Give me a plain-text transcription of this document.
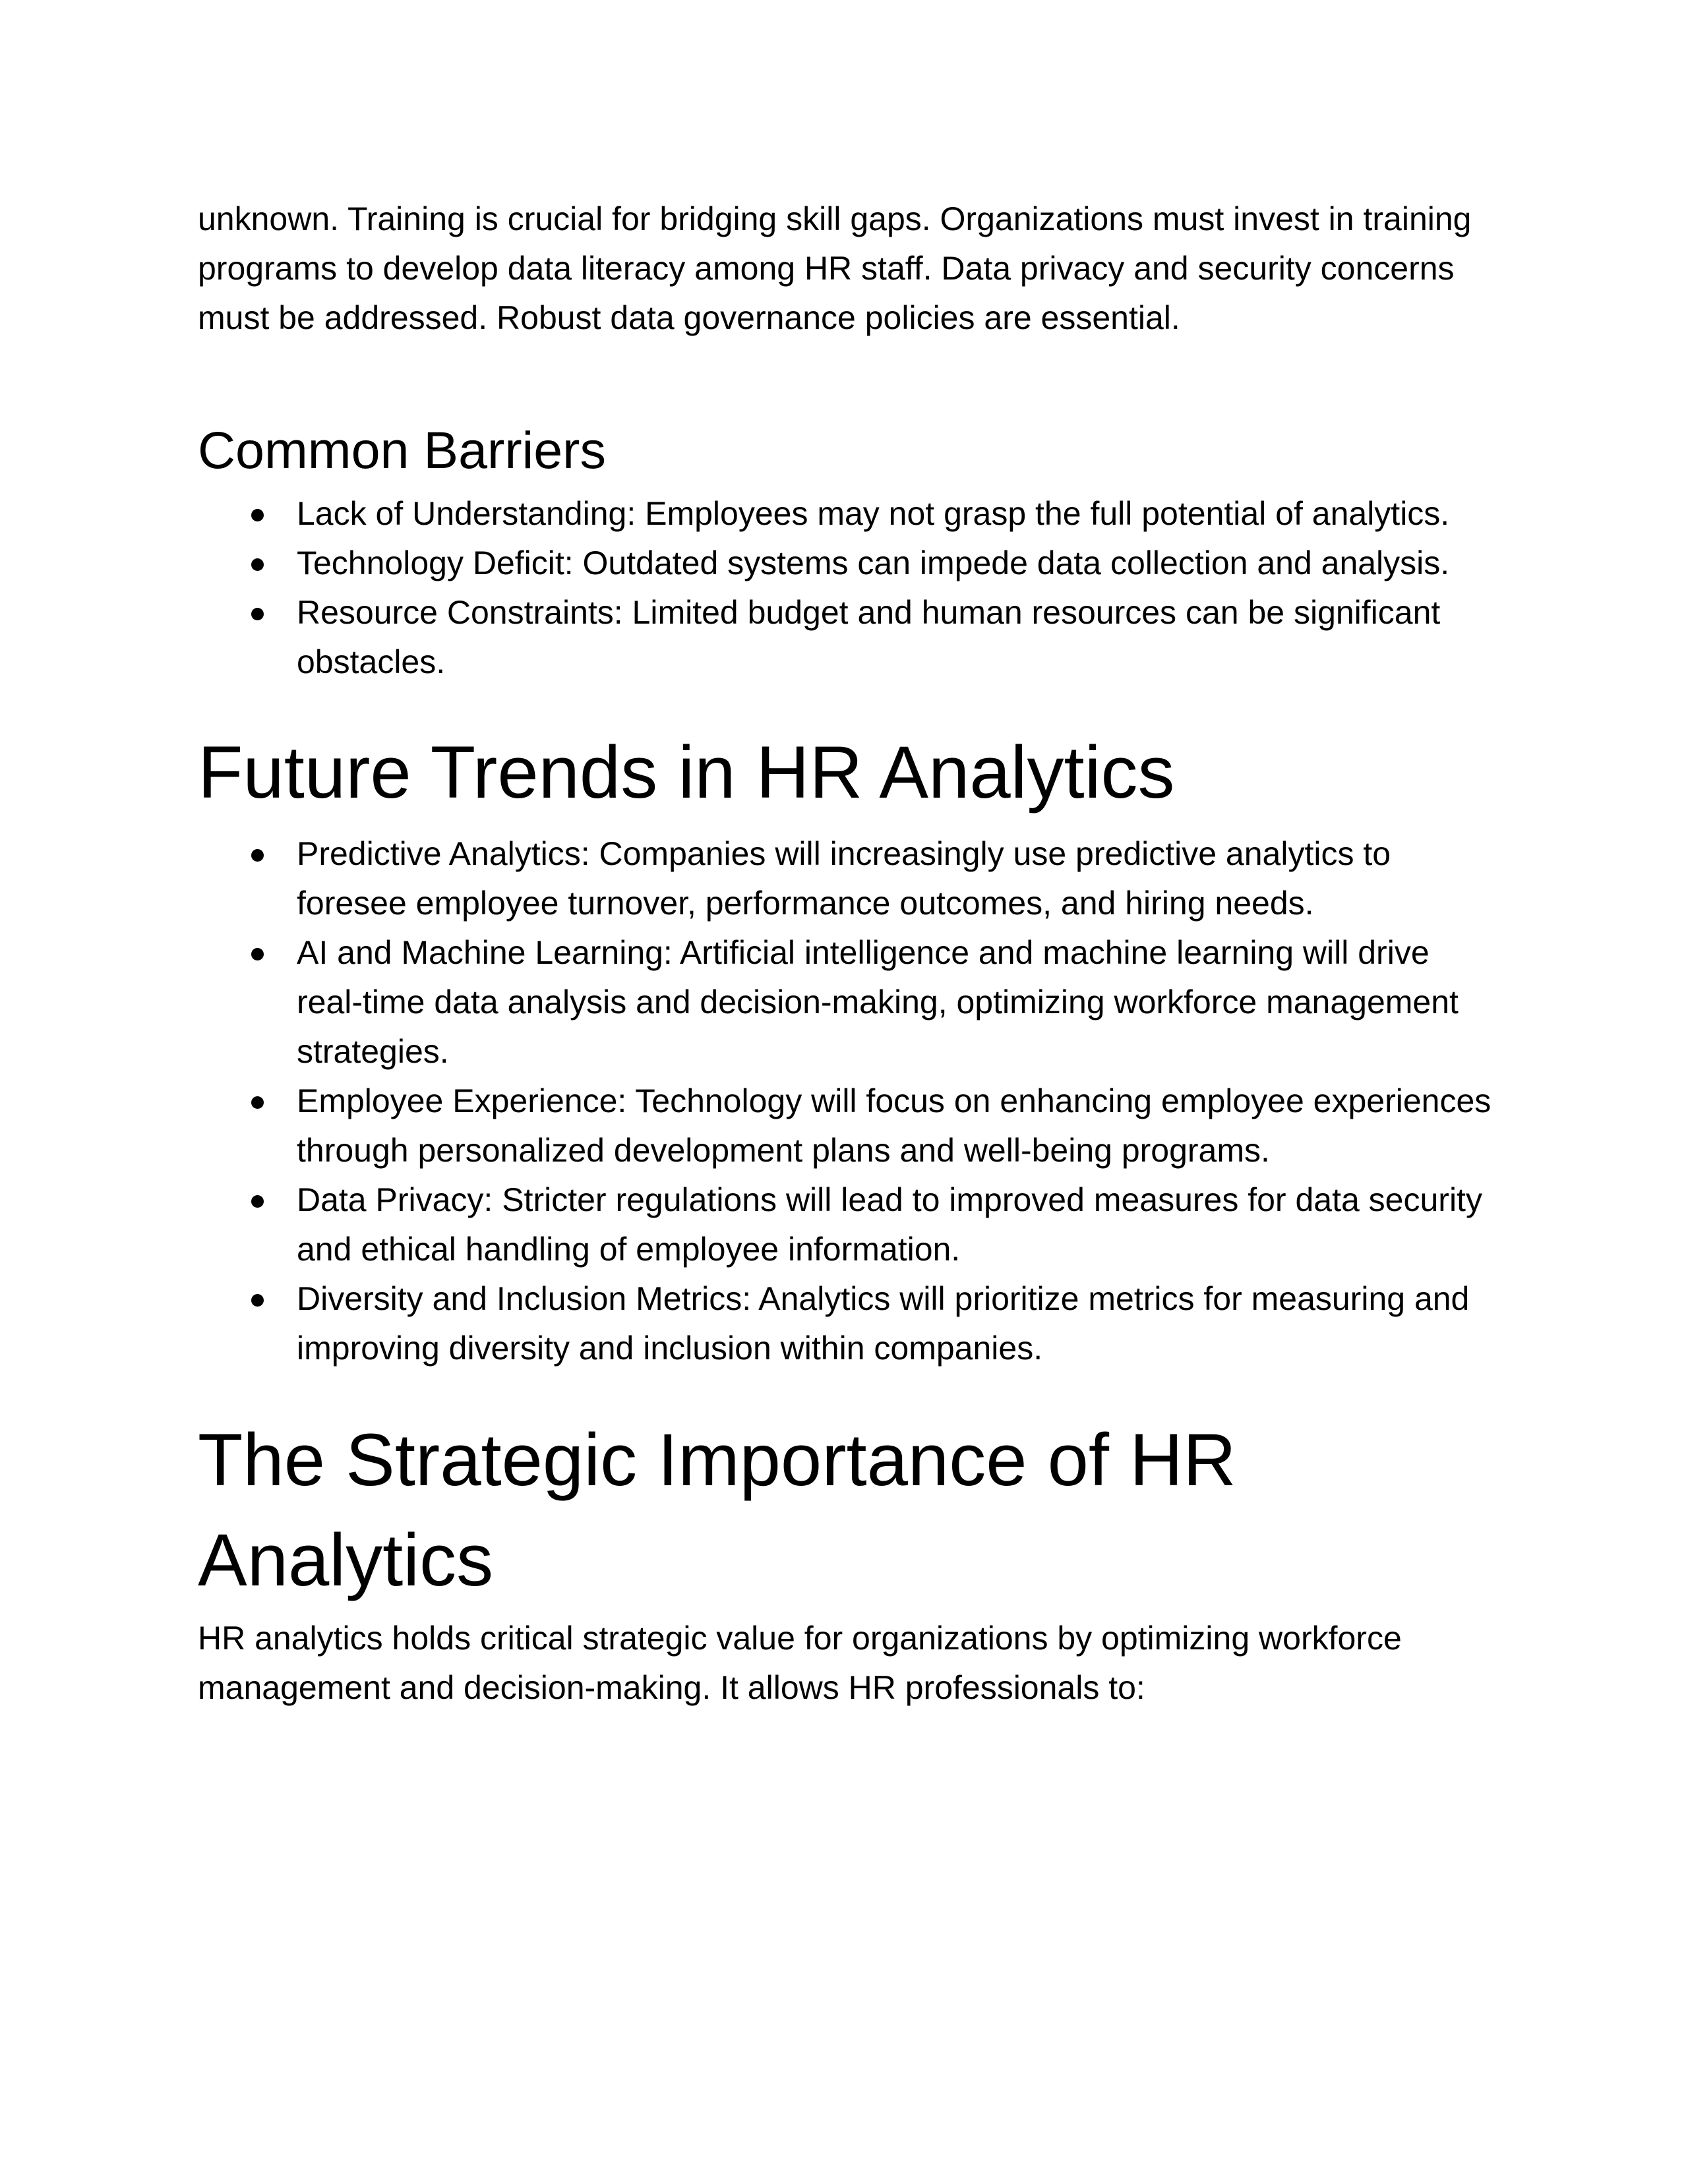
unknown. Training is crucial for bridging skill gaps. Organizations must invest in training programs to develop data literacy among HR staff. Data privacy and security concerns must be addressed. Robust data governance policies are essential.

Common Barriers
Lack of Understanding: Employees may not grasp the full potential of analytics.
Technology Deficit: Outdated systems can impede data collection and analysis.
Resource Constraints: Limited budget and human resources can be significant obstacles.
Future Trends in HR Analytics
Predictive Analytics: Companies will increasingly use predictive analytics to foresee employee turnover, performance outcomes, and hiring needs.
AI and Machine Learning: Artificial intelligence and machine learning will drive real-time data analysis and decision-making, optimizing workforce management strategies.
Employee Experience: Technology will focus on enhancing employee experiences through personalized development plans and well-being programs.
Data Privacy: Stricter regulations will lead to improved measures for data security and ethical handling of employee information.
Diversity and Inclusion Metrics: Analytics will prioritize metrics for measuring and improving diversity and inclusion within companies.
The Strategic Importance of HR Analytics

HR analytics holds critical strategic value for organizations by optimizing workforce management and decision-making. It allows HR professionals to:
